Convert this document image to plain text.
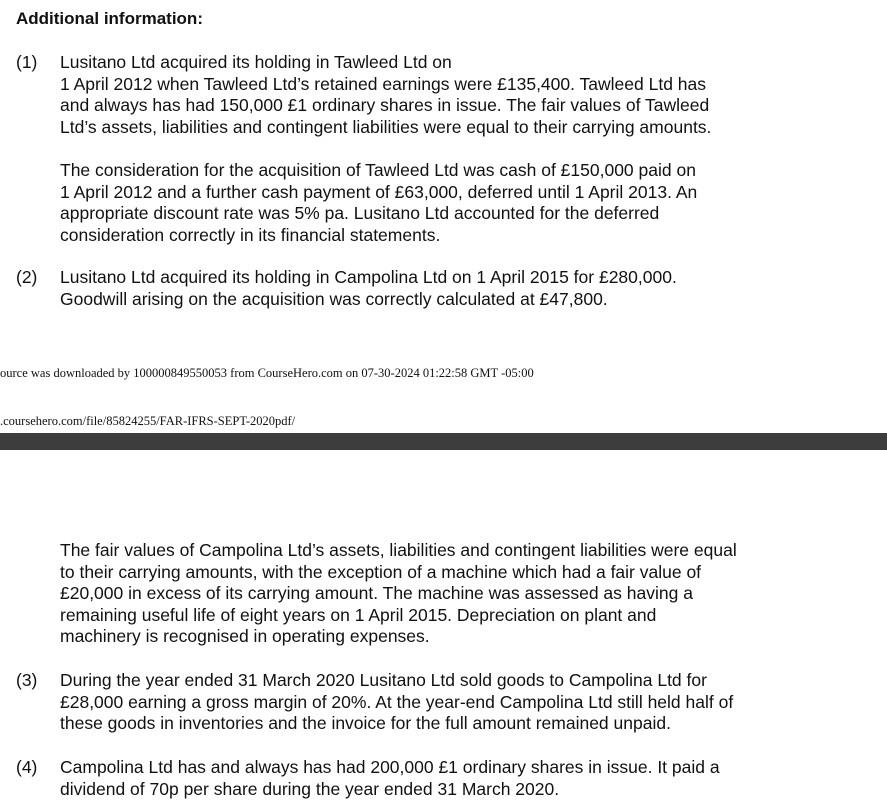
Additional information:
(1) Lusitano Ltd acquired its holding in Tawleed Ltd on
1 April 2012 when Tawleed Ltd’s retained earnings were £135,400. Tawleed Ltd has
and always has had 150,000 £1 ordinary shares in issue. The fair values of Tawleed
Ltd’s assets, liabilities and contingent liabilities were equal to their carrying amounts.
The consideration for the acquisition of Tawleed Ltd was cash of £150,000 paid on
1 April 2012 and a further cash payment of £63,000, deferred until 1 April 2013. An
appropriate discount rate was 5% pa. Lusitano Ltd accounted for the deferred
consideration correctly in its financial statements.
(2) Lusitano Ltd acquired its holding in Campolina Ltd on 1 April 2015 for £280,000.
Goodwill arising on the acquisition was correctly calculated at £47,800.
ource was downloaded by 100000849550053 from CourseHero.com on 07-30-2024 01:22:58 GMT -05:00
.coursehero.com/file/85824255/FAR-IFRS-SEPT-2020pdf/
The fair values of Campolina Ltd’s assets, liabilities and contingent liabilities were equal
to their carrying amounts, with the exception of a machine which had a fair value of
£20,000 in excess of its carrying amount. The machine was assessed as having a
remaining useful life of eight years on 1 April 2015. Depreciation on plant and
machinery is recognised in operating expenses.
(3) During the year ended 31 March 2020 Lusitano Ltd sold goods to Campolina Ltd for
£28,000 earning a gross margin of 20%. At the year-end Campolina Ltd still held half of
these goods in inventories and the invoice for the full amount remained unpaid.
(4) Campolina Ltd has and always has had 200,000 £1 ordinary shares in issue. It paid a
dividend of 70p per share during the year ended 31 March 2020.
